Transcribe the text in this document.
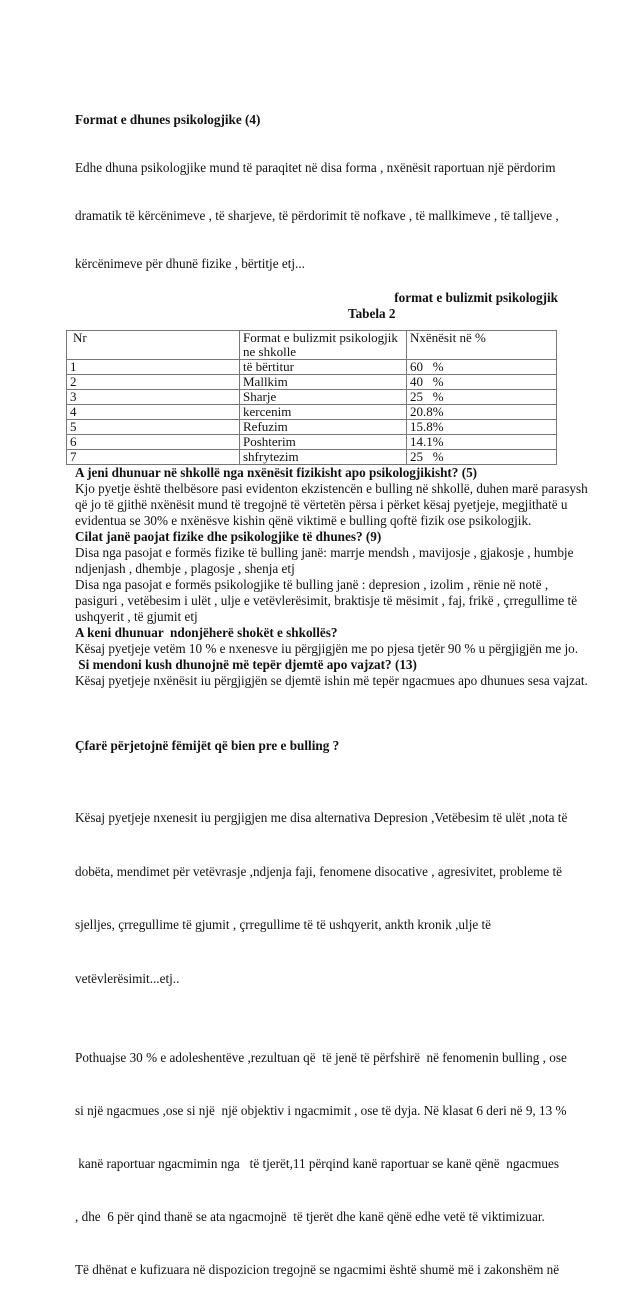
Format e dhunes psikologjike (4)

Edhe dhuna psikologjike mund të paraqitet në disa forma , nxënësit raportuan një përdorim

dramatik të kërcënimeve , të sharjeve, të përdorimit të nofkave , të mallkimeve , të talljeve ,

kërcënimeve për dhunë fizike , bërtitje etj...

format e bulizmit psikologjik
Tabela 2
Nr	Format e bulizmit psikologjik ne shkolle	Nxënësit në %
1	të bërtitur	60   %
2	Mallkim	40   %
3	Sharje	25   %
4	kercenim	20.8%
5	Refuzim	15.8%
6	Poshterim	14.1%
7	shfrytezim	25   %
A jeni dhunuar në shkollë nga nxënësit fizikisht apo psikologjikisht? (5)
Kjo pyetje është thelbësore pasi evidenton ekzistencën e bulling në shkollë, duhen marë parasysh
që jo të gjithë nxënësit mund të tregojnë të vërtetën përsa i përket kësaj pyetjeje, megjithatë u
evidentua se 30% e nxënësve kishin qënë viktimë e bulling qoftë fizik ose psikologjik.
Cilat janë paojat fizike dhe psikologjike të dhunes? (9)
Disa nga pasojat e formës fizike të bulling janë: marrje mendsh , mavijosje , gjakosje , humbje
ndjenjash , dhembje , plagosje , shenja etj
Disa nga pasojat e formës psikologjike të bulling janë : depresion , izolim , rënie në notë ,
pasiguri , vetëbesim i ulët , ulje e vetëvlerësimit, braktisje të mësimit , faj, frikë , çrregullime të
ushqyerit , të gjumit etj
A keni dhunuar  ndonjëherë shokët e shkollës?
Kësaj pyetjeje vetëm 10 % e nxenesve iu përgjigjën me po pjesa tjetër 90 % u përgjigjën me jo.
Si mendoni kush dhunojnë më tepër djemtë apo vajzat? (13)
Kësaj pyetjeje nxënësit iu përgjigjën se djemtë ishin më tepër ngacmues apo dhunues sesa vajzat.

Çfarë përjetojnë fëmijët që bien pre e bulling ?

Kësaj pyetjeje nxenesit iu pergjigjen me disa alternativa Depresion ,Vetëbesim të ulët ,nota të

dobëta, mendimet për vetëvrasje ,ndjenja faji, fenomene disocative , agresivitet, probleme të

sjelljes, çrregullime të gjumit , çrregullime të të ushqyerit, ankth kronik ,ulje të

vetëvlerësimit...etj..

Pothuajse 30 % e adoleshentëve ,rezultuan që  të jenë të përfshirë  në fenomenin bulling , ose

si një ngacmues ,ose si një  një objektiv i ngacmimit , ose të dyja. Në klasat 6 deri në 9, 13 %

kanë raportuar ngacmimin nga   të tjerët,11 përqind kanë raportuar se kanë qënë  ngacmues

, dhe  6 për qind thanë se ata ngacmojnë  të tjerët dhe kanë qënë edhe vetë të viktimizuar.

Të dhënat e kufizuara në dispozicion tregojnë se ngacmimi është shumë më i zakonshëm në
